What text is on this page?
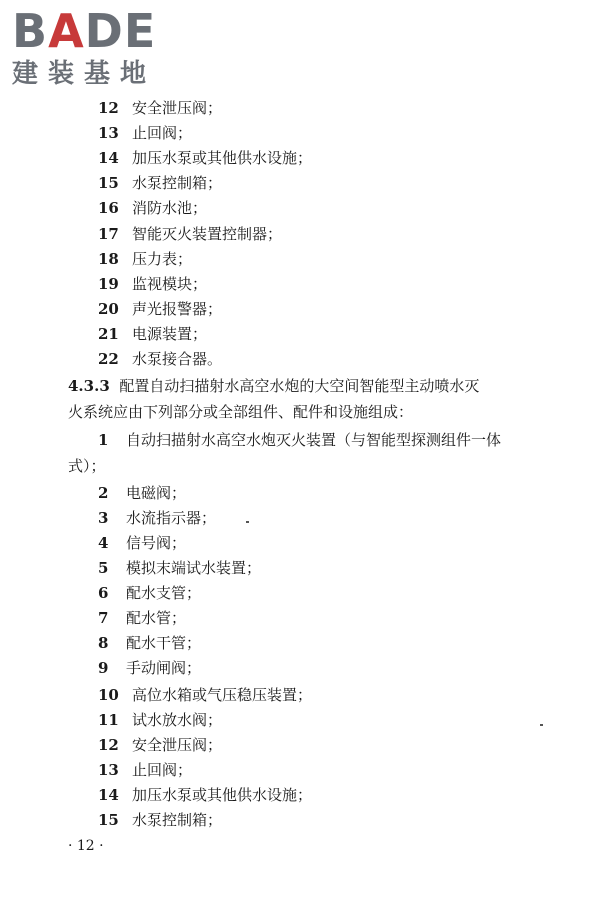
BADE
建装基地
12 安全泄压阀；
13 止回阀；
14 加压水泵或其他供水设施；
15 水泵控制箱；
16 消防水池；
17 智能灭火装置控制器；
18 压力表；
19 监视模块；
20 声光报警器；
21 电源装置；
22 水泵接合器。
4.3.3 配置自动扫描射水高空水炮的大空间智能型主动喷水灭
火系统应由下列部分或全部组件、配件和设施组成：
1 自动扫描射水高空水炮灭火装置（与智能型探测组件一体
式）；
2 电磁阀；
3 水流指示器；
4 信号阀；
5 模拟末端试水装置；
6 配水支管；
7 配水管；
8 配水干管；
9 手动闸阀；
10 高位水箱或气压稳压装置；
11 试水放水阀；
12 安全泄压阀；
13 止回阀；
14 加压水泵或其他供水设施；
15 水泵控制箱；
· 12 ·
